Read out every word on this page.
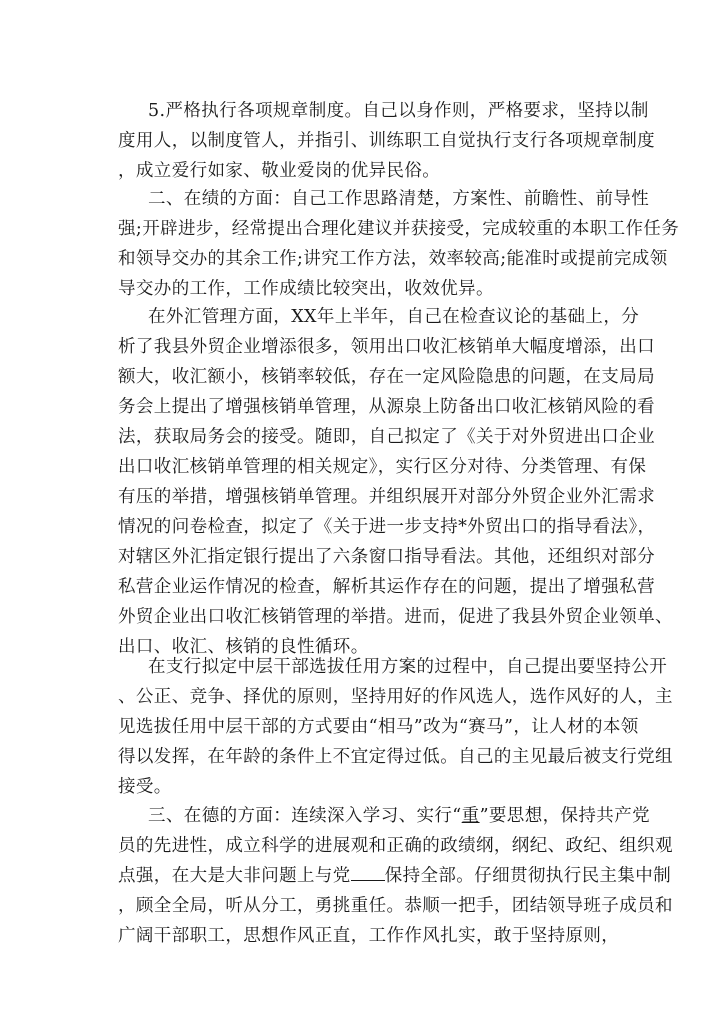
5.严格执行各项规章制度。自己以身作则，严格要求，坚持以制
度用人，以制度管人，并指引、训练职工自觉执行支行各项规章制度
，成立爱行如家、敬业爱岗的优异民俗。
二、在绩的方面：自己工作思路清楚，方案性、前瞻性、前导性
强;开辟进步，经常提出合理化建议并获接受，完成较重的本职工作任务
和领导交办的其余工作;讲究工作方法，效率较高;能准时或提前完成领
导交办的工作，工作成绩比较突出，收效优异。
在外汇管理方面，XX年上半年，自己在检查议论的基础上，分
析了我县外贸企业增添很多，领用出口收汇核销单大幅度增添，出口
额大，收汇额小，核销率较低，存在一定风险隐患的问题，在支局局
务会上提出了增强核销单管理，从源泉上防备出口收汇核销风险的看
法，获取局务会的接受。随即，自己拟定了《关于对外贸进出口企业
出口收汇核销单管理的相关规定》，实行区分对待、分类管理、有保
有压的举措，增强核销单管理。并组织展开对部分外贸企业外汇需求
情况的问卷检查，拟定了《关于进一步支持*外贸出口的指导看法》，
对辖区外汇指定银行提出了六条窗口指导看法。其他，还组织对部分
私营企业运作情况的检查，解析其运作存在的问题，提出了增强私营
外贸企业出口收汇核销管理的举措。进而，促进了我县外贸企业领单、
出口、收汇、核销的良性循环。
在支行拟定中层干部选拔任用方案的过程中，自己提出要坚持公开
、公正、竞争、择优的原则，坚持用好的作风选人，选作风好的人，主
见选拔任用中层干部的方式要由“相马”改为“赛马”，让人材的本领
得以发挥，在年龄的条件上不宜定得过低。自己的主见最后被支行党组
接受。
三、在德的方面：连续深入学习、实行“重”要思想，保持共产党
员的先进性，成立科学的进展观和正确的政绩纲，纲纪、政纪、组织观
点强，在大是大非问题上与党 保持全部。仔细贯彻执行民主集中制
，顾全全局，听从分工，勇挑重任。恭顺一把手，团结领导班子成员和
广阔干部职工，思想作风正直，工作作风扎实，敢于坚持原则，
